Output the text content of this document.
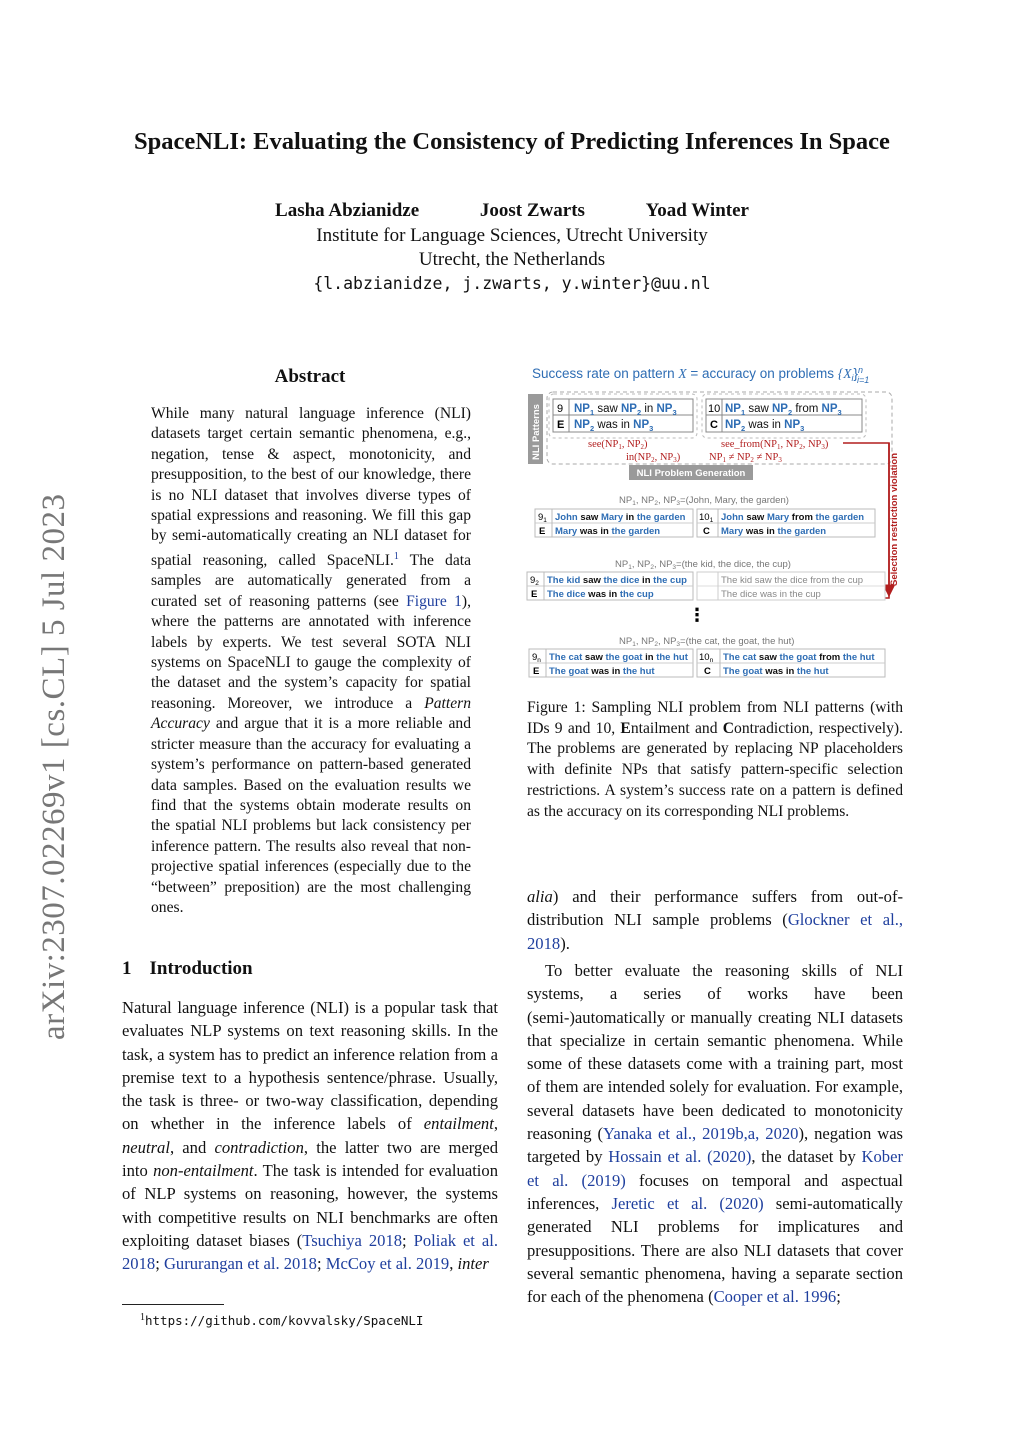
SpaceNLI: Evaluating the Consistency of Predicting Inferences In Space
Lasha Abzianidze	Joost Zwarts	Yoad Winter
Institute for Language Sciences, Utrecht University
Utrecht, the Netherlands
{l.abzianidze, j.zwarts, y.winter}@uu.nl
arXiv:2307.02269v1 [cs.CL] 5 Jul 2023
Abstract
While many natural language inference (NLI) datasets target certain semantic phenomena, e.g., negation, tense & aspect, monotonicity, and presupposition, to the best of our knowledge, there is no NLI dataset that involves diverse types of spatial expressions and reasoning. We fill this gap by semi-automatically creating an NLI dataset for spatial reasoning, called SpaceNLI.$^1$ The data samples are automatically generated from a curated set of reasoning patterns (see Figure 1), where the patterns are annotated with inference labels by experts. We test several SOTA NLI systems on SpaceNLI to gauge the complexity of the dataset and the system’s capacity for spatial reasoning. Moreover, we introduce a Pattern Accuracy and argue that it is a more reliable and stricter measure than the accuracy for evaluating a system’s performance on pattern-based generated data samples. Based on the evaluation results we find that the systems obtain moderate results on the spatial NLI problems but lack consistency per inference pattern. The results also reveal that non-projective spatial inferences (especially due to the “between” preposition) are the most challenging ones.
1 Introduction
Natural language inference (NLI) is a popular task that evaluates NLP systems on text reasoning skills. In the task, a system has to predict an inference relation from a premise text to a hypothesis sentence/phrase. Usually, the task is three- or two-way classification, depending on whether in the inference labels of entailment, neutral, and contradiction, the latter two are merged into non-entailment. The task is intended for evaluation of NLP systems on reasoning, however, the systems with competitive results on NLI benchmarks are often exploiting dataset biases (Tsuchiya 2018; Poliak et al. 2018; Gururangan et al. 2018; McCoy et al. 2019, inter
$^1$https://github.com/kovvalsky/SpaceNLI
Success rate on pattern X = accuracy on problems $\{X_i\}^n$ i=1
NLI Patterns 9
E
$NP_1$ saw $NP_2$ in $NP_3$
$NP_2$ was in $NP_3$
10
C
$NP_1$ saw $NP_2$ from $NP_3$
$NP_2$ was in $NP_3$
see(NP1, NP2)
in(NP2, NP3)
see_from(NP1, NP2, NP3)
NP1 ≠ NP2 ≠ NP3	Selection restriction violation
NLI Problem Generation
$NP_1$, $NP_2$, $NP_3=(John$, Mary, the garden)
$9_1$
E
John saw Mary in the garden
Mary was in the garden
$10_1$
C
John saw Mary from the garden
Mary was in the garden
$NP_1$, $NP_2$, $NP_3=(the$ kid, the dice, the cup)
$9_2$
E
The kid saw the dice in the cup
The dice was in the cup
The kid saw the dice from the cup
The dice was in the cup
⋮
$NP_1$, $NP_2$, $NP_3=(the$ cat, the goat, the hut)
$9_n$
E
The cat saw the goat in the hut
The goat was in the hut
$10_n$
C
The cat saw the goat from the hut
The goat was in the hut
Figure 1: Sampling NLI problem from NLI patterns (with IDs 9 and 10, Entailment and Contradiction, respectively). The problems are generated by replacing NP placeholders with definite NPs that satisfy pattern-specific selection restrictions. A system’s success rate on a pattern is defined as the accuracy on its corresponding NLI problems.
alia) and their performance suffers from out-of-distribution NLI sample problems (Glockner et al., 2018).
To better evaluate the reasoning skills of NLI systems, a series of works have been (semi-)automatically or manually creating NLI datasets that specialize in certain semantic phenomena. While some of these datasets come with a training part, most of them are intended solely for evaluation. For example, several datasets have been dedicated to monotonicity reasoning (Yanaka et al., 2019b,a, 2020), negation was targeted by Hossain et al. (2020), the dataset by Kober et al. (2019) focuses on temporal and aspectual inferences, Jeretic et al. (2020) semi-automatically generated NLI problems for implicatures and presuppositions. There are also NLI datasets that cover several semantic phenomena, having a separate section for each of the phenomena (Cooper et al. 1996;
